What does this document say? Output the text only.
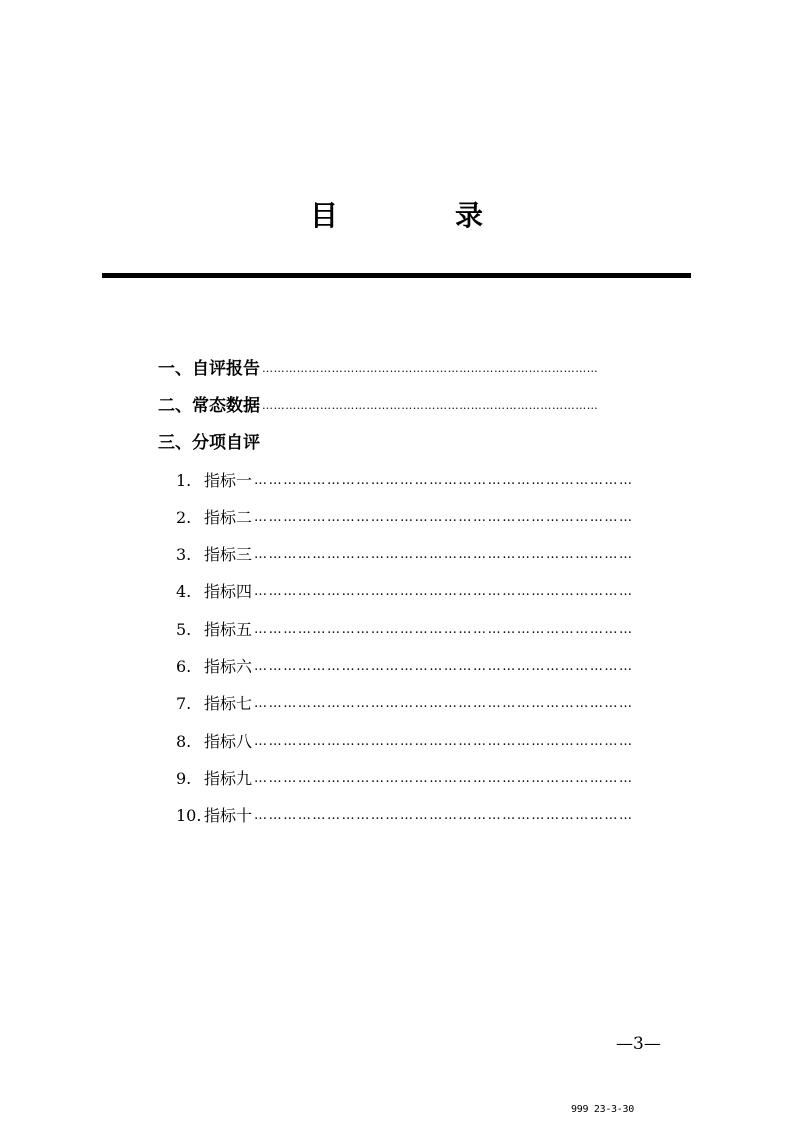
目	录
一、自评报告 ……………………………………………………………………………
二、常态数据 ……………………………………………………………………………
三、分项自评
1. 指标一 ……………………………………………………………………
2. 指标二 ……………………………………………………………………
3. 指标三 ……………………………………………………………………
4. 指标四 ……………………………………………………………………
5. 指标五 ……………………………………………………………………
6. 指标六 ……………………………………………………………………
7. 指标七 ……………………………………………………………………
8. 指标八 ……………………………………………………………………
9. 指标九 ……………………………………………………………………
10. 指标十 ……………………………………………………………………
—3—
999 23-3-30
